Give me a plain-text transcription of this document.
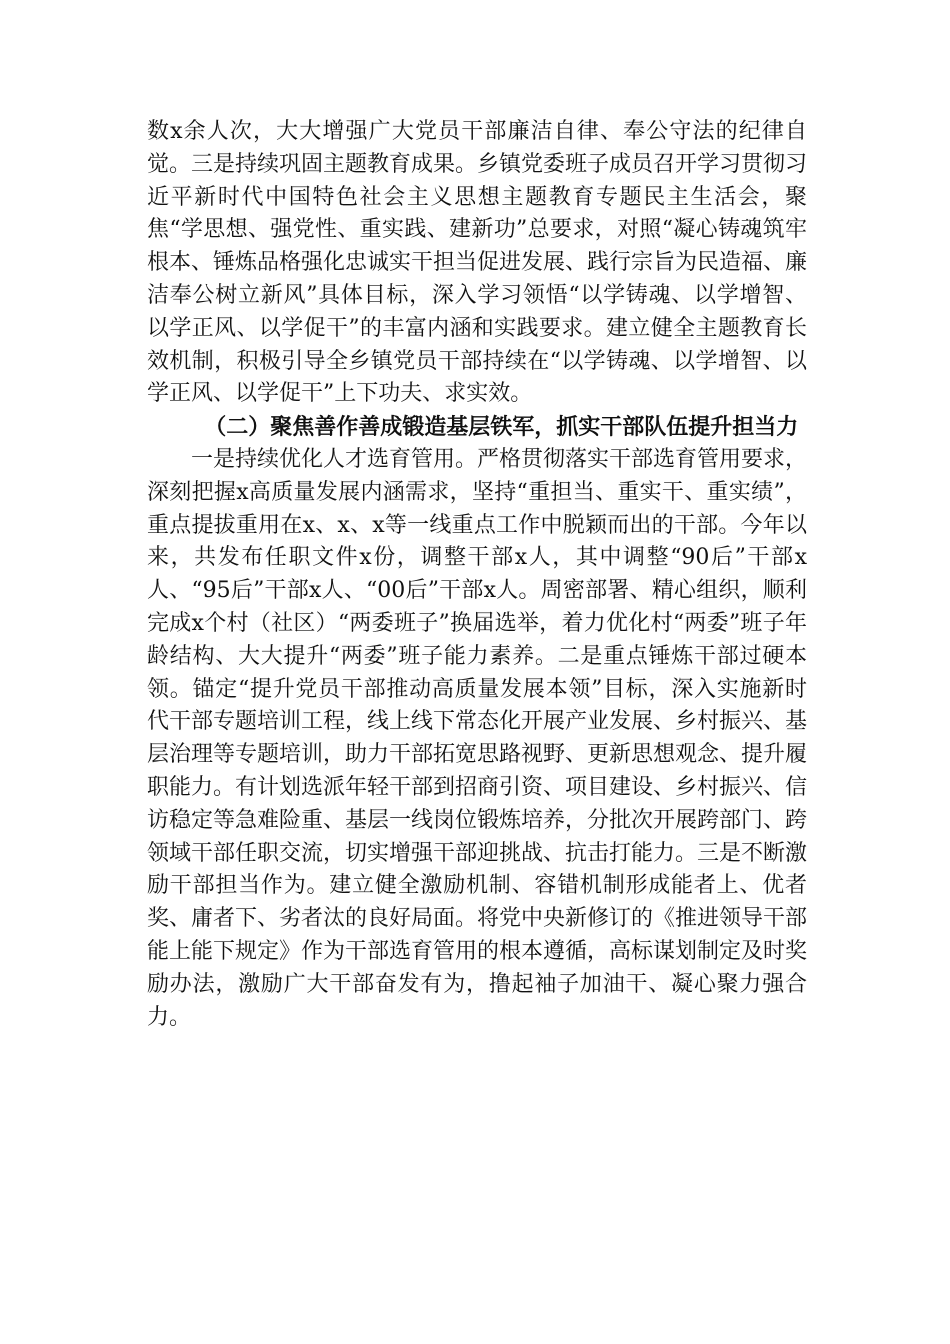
数x余人次，大大增强广大党员干部廉洁自律、奉公守法的纪律自觉。三是持续巩固主题教育成果。乡镇党委班子成员召开学习贯彻习近平新时代中国特色社会主义思想主题教育专题民主生活会，聚焦“学思想、强党性、重实践、建新功”总要求，对照“凝心铸魂筑牢根本、锤炼品格强化忠诚实干担当促进发展、践行宗旨为民造福、廉洁奉公树立新风”具体目标，深入学习领悟“以学铸魂、以学增智、以学正风、以学促干”的丰富内涵和实践要求。建立健全主题教育长效机制，积极引导全乡镇党员干部持续在“以学铸魂、以学增智、以学正风、以学促干”上下功夫、求实效。

（二）聚焦善作善成锻造基层铁军，抓实干部队伍提升担当力

一是持续优化人才选育管用。严格贯彻落实干部选育管用要求，深刻把握x高质量发展内涵需求，坚持“重担当、重实干、重实绩”，重点提拔重用在x、x、x等一线重点工作中脱颖而出的干部。今年以来，共发布任职文件x份，调整干部x人，其中调整“90后”干部x人、“95后”干部x人、“00后”干部x人。周密部署、精心组织，顺利完成x个村（社区）“两委班子”换届选举，着力优化村“两委”班子年龄结构、大大提升“两委”班子能力素养。二是重点锤炼干部过硬本领。锚定“提升党员干部推动高质量发展本领”目标，深入实施新时代干部专题培训工程，线上线下常态化开展产业发展、乡村振兴、基层治理等专题培训，助力干部拓宽思路视野、更新思想观念、提升履职能力。有计划选派年轻干部到招商引资、项目建设、乡村振兴、信访稳定等急难险重、基层一线岗位锻炼培养，分批次开展跨部门、跨领域干部任职交流，切实增强干部迎挑战、抗击打能力。三是不断激励干部担当作为。建立健全激励机制、容错机制形成能者上、优者奖、庸者下、劣者汰的良好局面。将党中央新修订的《推进领导干部能上能下规定》作为干部选育管用的根本遵循，高标谋划制定及时奖励办法，激励广大干部奋发有为，撸起袖子加油干、凝心聚力强合力。
